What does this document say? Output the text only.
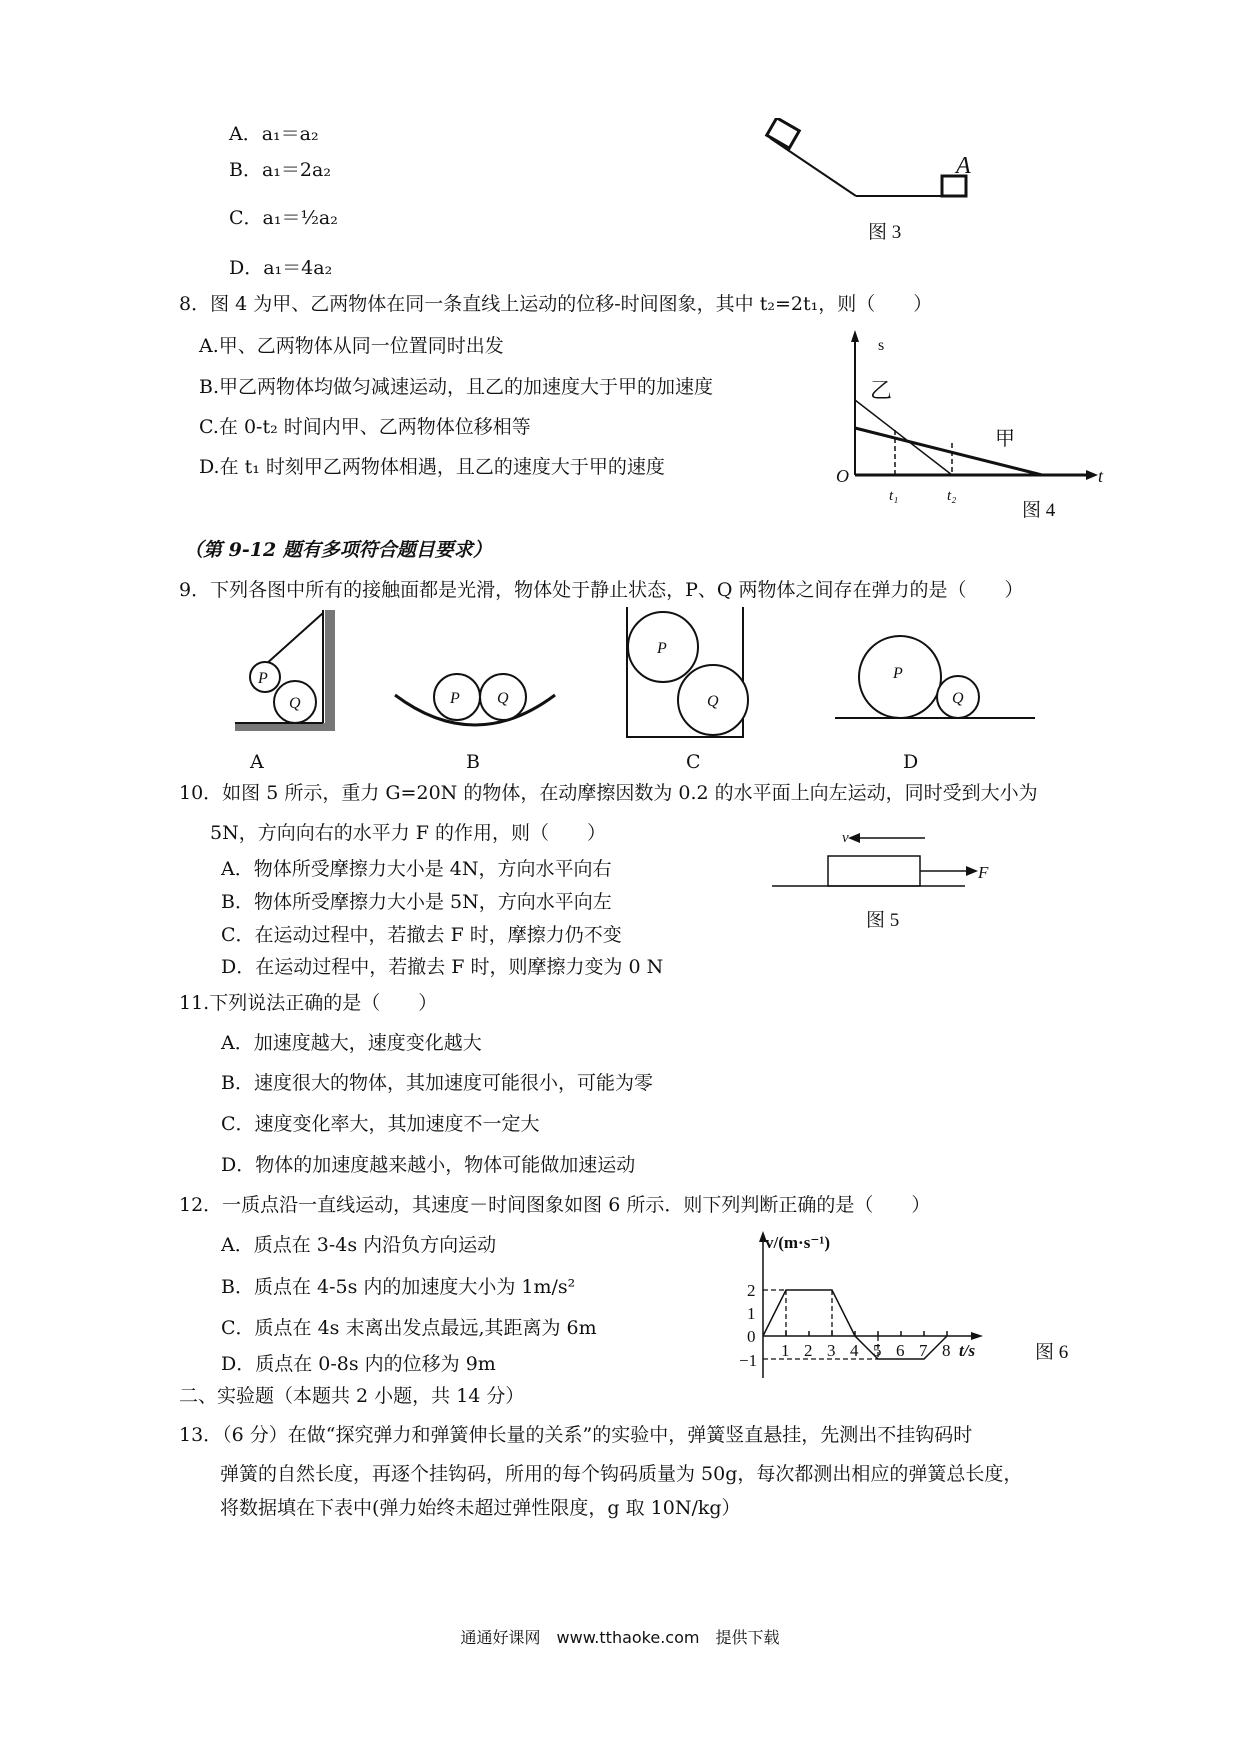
A．a₁＝a₂
B．a₁＝2a₂
C．a₁＝½a₂
D．a₁＝4a₂
A
图 3
8．图 4 为甲、乙两物体在同一条直线上运动的位移-时间图象，其中 t₂=2t₁，则（　　）
A.甲、乙两物体从同一位置同时出发
B.甲乙两物体均做匀减速运动，且乙的加速度大于甲的加速度
C.在 0-t₂ 时间内甲、乙两物体位移相等
D.在 t₁ 时刻甲乙两物体相遇，且乙的速度大于甲的速度
s
t
O
t₁	t₂
乙
甲
图 4
（第 9-12 题有多项符合题目要求）
9．下列各图中所有的接触面都是光滑，物体处于静止状态，P、Q 两物体之间存在弹力的是（　　）
P
Q	P Q
P
Q
P
Q
A	B	C	D
10．如图 5 所示，重力 G=20N 的物体，在动摩擦因数为 0.2 的水平面上向左运动，同时受到大小为
5N，方向向右的水平力 F 的作用，则（　　）
A．物体所受摩擦力大小是 4N，方向水平向右
B．物体所受摩擦力大小是 5N，方向水平向左
C．在运动过程中，若撤去 F 时，摩擦力仍不变
D．在运动过程中，若撤去 F 时，则摩擦力变为 0 N
v
F
图 5
11.下列说法正确的是（　　）
A．加速度越大，速度变化越大
B．速度很大的物体，其加速度可能很小，可能为零
C．速度变化率大，其加速度不一定大
D．物体的加速度越来越小，物体可能做加速运动
12．一质点沿一直线运动，其速度－时间图象如图 6 所示．则下列判断正确的是（　　）
A．质点在 3-4s 内沿负方向运动
B．质点在 4-5s 内的加速度大小为 1m/s²
C．质点在 4s 末离出发点最远,其距离为 6m
D．质点在 0-8s 内的位移为 9m
v/(m·s⁻¹)
t/s
2
1
0
−1
1 2 3 4 5 6 7 8	图 6
二、实验题（本题共 2 小题，共 14 分）
13．（6 分）在做“探究弹力和弹簧伸长量的关系”的实验中，弹簧竖直悬挂，先测出不挂钩码时
弹簧的自然长度，再逐个挂钩码，所用的每个钩码质量为 50g，每次都测出相应的弹簧总长度，
将数据填在下表中(弹力始终未超过弹性限度，g 取 10N/kg）
通通好课网　www.tthaoke.com　提供下载
